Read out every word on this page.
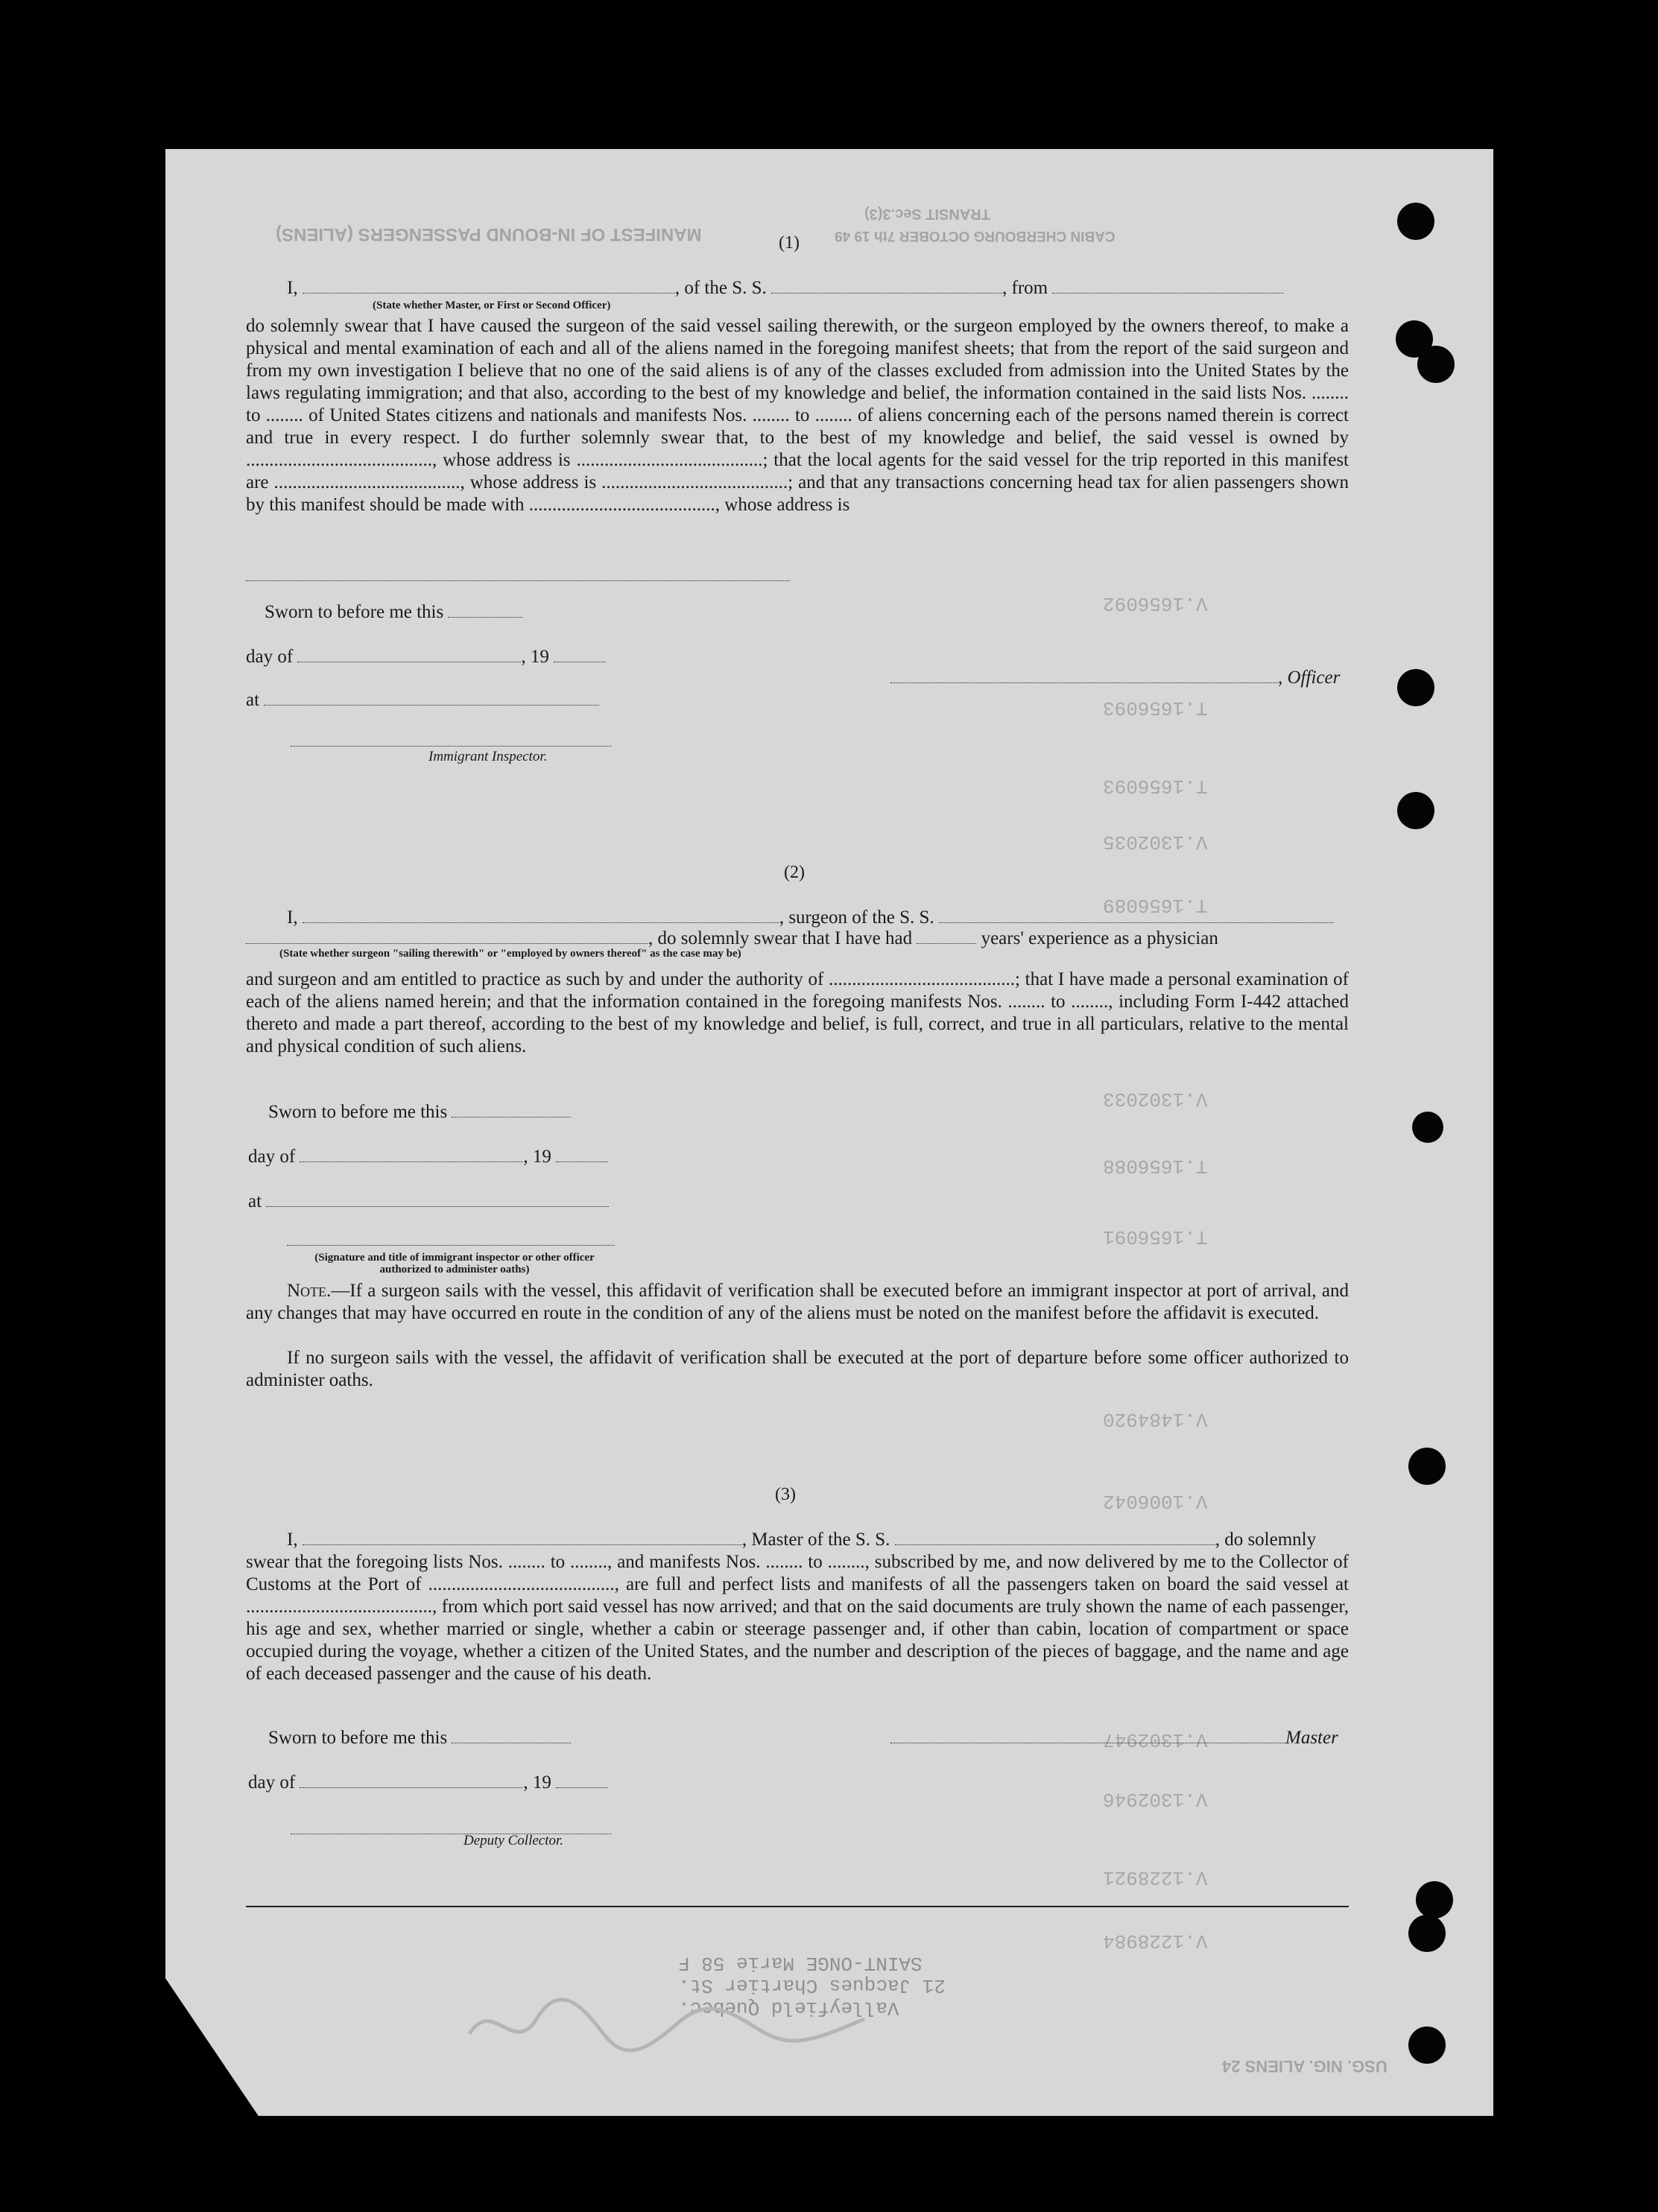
MANIFEST OF IN-BOUND PASSENGERS (ALIENS)	CABIN CHERBOURG OCTOBER 7th 19 49
TRANSIT Sec.3(3)
USG. NIG. ALIENS 24
V.1656092
T.1656093
T.1656093
V.1302035
T.1656089
V.1302033
T.1656088
T.1656091
V.1484920
V.1006042
V.1302947
V.1302946
V.1228921
V.1228984
SAINT-ONGE Marie 58 F
21 Jacques Chartier St.
Valleyfield Quebec.
(1)
I,	, of the S. S.	, from
(State whether Master, or First or Second Officer)
do solemnly swear that I have caused the surgeon of the said vessel sailing therewith, or the surgeon employed by the owners thereof, to make a physical and mental examination of each and all of the aliens named in the foregoing manifest sheets; that from the report of the said surgeon and from my own investigation I believe that no one of the said aliens is of any of the classes excluded from admission into the United States by the laws regulating immigration; and that also, according to the best of my knowledge and belief, the information contained in the said lists Nos. ........ to ........ of United States citizens and nationals and manifests Nos. ........ to ........ of aliens concerning each of the persons named therein is correct and true in every respect. I do further solemnly swear that, to the best of my knowledge and belief, the said vessel is owned by ........................................, whose address is ........................................; that the local agents for the said vessel for the trip reported in this manifest are ........................................, whose address is ........................................; and that any transactions concerning head tax for alien passengers shown by this manifest should be made with ........................................, whose address is
Sworn to before me this
day of	, 19
at
, Officer
Immigrant Inspector.
(2)
I,	, surgeon of the S. S.
, do solemnly swear that I have had	years' experience as a physician
(State whether surgeon "sailing therewith" or "employed by owners thereof" as the case may be)
and surgeon and am entitled to practice as such by and under the authority of ........................................; that I have made a personal examination of each of the aliens named herein; and that the information contained in the foregoing manifests Nos. ........ to ........, including Form I-442 attached thereto and made a part thereof, according to the best of my knowledge and belief, is full, correct, and true in all particulars, relative to the mental and physical condition of such aliens.
Sworn to before me this
day of	, 19
at
(Signature and title of immigrant inspector or other officer authorized to administer oaths)
Note.—If a surgeon sails with the vessel, this affidavit of verification shall be executed before an immigrant inspector at port of arrival, and any changes that may have occurred en route in the condition of any of the aliens must be noted on the manifest before the affidavit is executed.
If no surgeon sails with the vessel, the affidavit of verification shall be executed at the port of departure before some officer authorized to administer oaths.
(3)
I,	, Master of the S. S.	, do solemnly
swear that the foregoing lists Nos. ........ to ........, and manifests Nos. ........ to ........, subscribed by me, and now delivered by me to the Collector of Customs at the Port of ........................................, are full and perfect lists and manifests of all the passengers taken on board the said vessel at ........................................, from which port said vessel has now arrived; and that on the said documents are truly shown the name of each passenger, his age and sex, whether married or single, whether a cabin or steerage passenger and, if other than cabin, location of compartment or space occupied during the voyage, whether a citizen of the United States, and the number and description of the pieces of baggage, and the name and age of each deceased passenger and the cause of his death.
Sworn to before me this	Master
day of	, 19
Deputy Collector.
